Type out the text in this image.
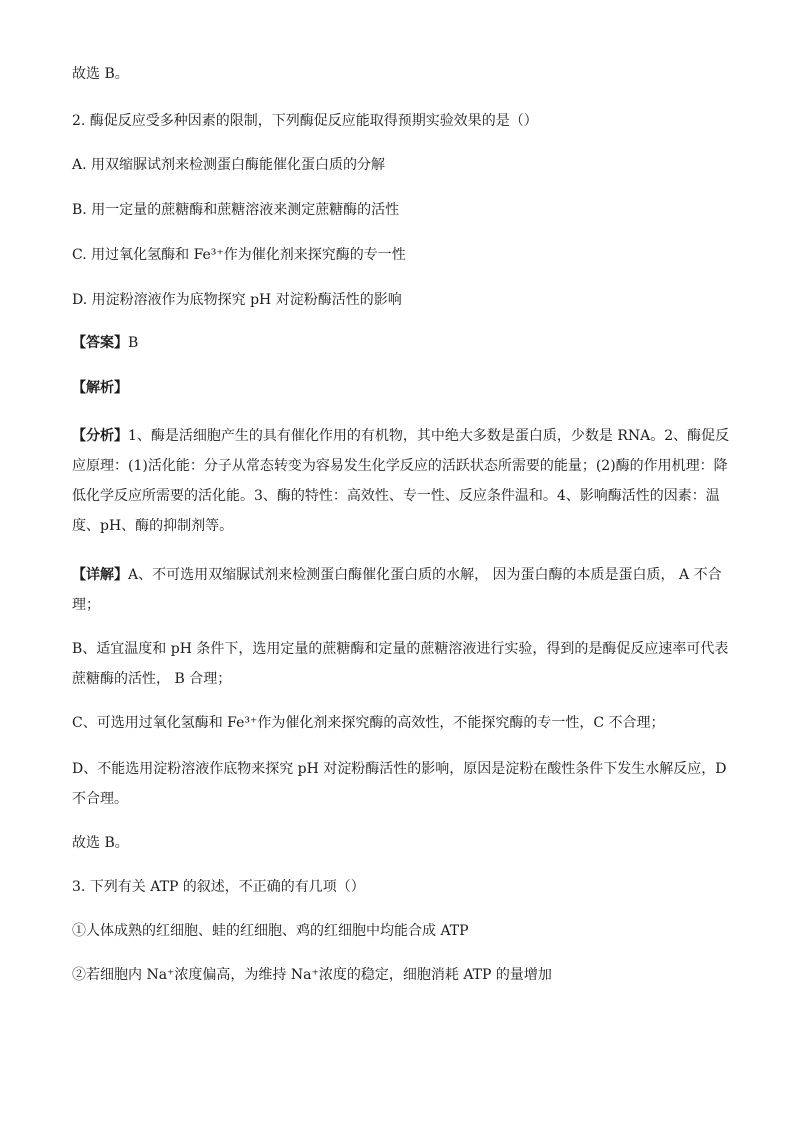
故选 B。
2. 酶促反应受多种因素的限制，下列酶促反应能取得预期实验效果的是（）
A. 用双缩脲试剂来检测蛋白酶能催化蛋白质的分解
B. 用一定量的蔗糖酶和蔗糖溶液来测定蔗糖酶的活性
C. 用过氧化氢酶和 Fe³⁺作为催化剂来探究酶的专一性
D. 用淀粉溶液作为底物探究 pH 对淀粉酶活性的影响
【答案】B
【解析】
【分析】1、酶是活细胞产生的具有催化作用的有机物，其中绝大多数是蛋白质，少数是 RNA。2、酶促反
应原理：(1)活化能：分子从常态转变为容易发生化学反应的活跃状态所需要的能量；(2)酶的作用机理：降
低化学反应所需要的活化能。3、酶的特性：高效性、专一性、反应条件温和。4、影响酶活性的因素：温
度、pH、酶的抑制剂等。
【详解】A、不可选用双缩脲试剂来检测蛋白酶催化蛋白质的水解， 因为蛋白酶的本质是蛋白质， A 不合
理；
B、适宜温度和 pH 条件下，选用定量的蔗糖酶和定量的蔗糖溶液进行实验，得到的是酶促反应速率可代表
蔗糖酶的活性， B 合理；
C、可选用过氧化氢酶和 Fe³⁺作为催化剂来探究酶的高效性，不能探究酶的专一性，C 不合理；
D、不能选用淀粉溶液作底物来探究 pH 对淀粉酶活性的影响，原因是淀粉在酸性条件下发生水解反应，D
不合理。
故选 B。
3. 下列有关 ATP 的叙述，不正确的有几项（）
①人体成熟的红细胞、蛙的红细胞、鸡的红细胞中均能合成 ATP
②若细胞内 Na⁺浓度偏高，为维持 Na⁺浓度的稳定，细胞消耗 ATP 的量增加
